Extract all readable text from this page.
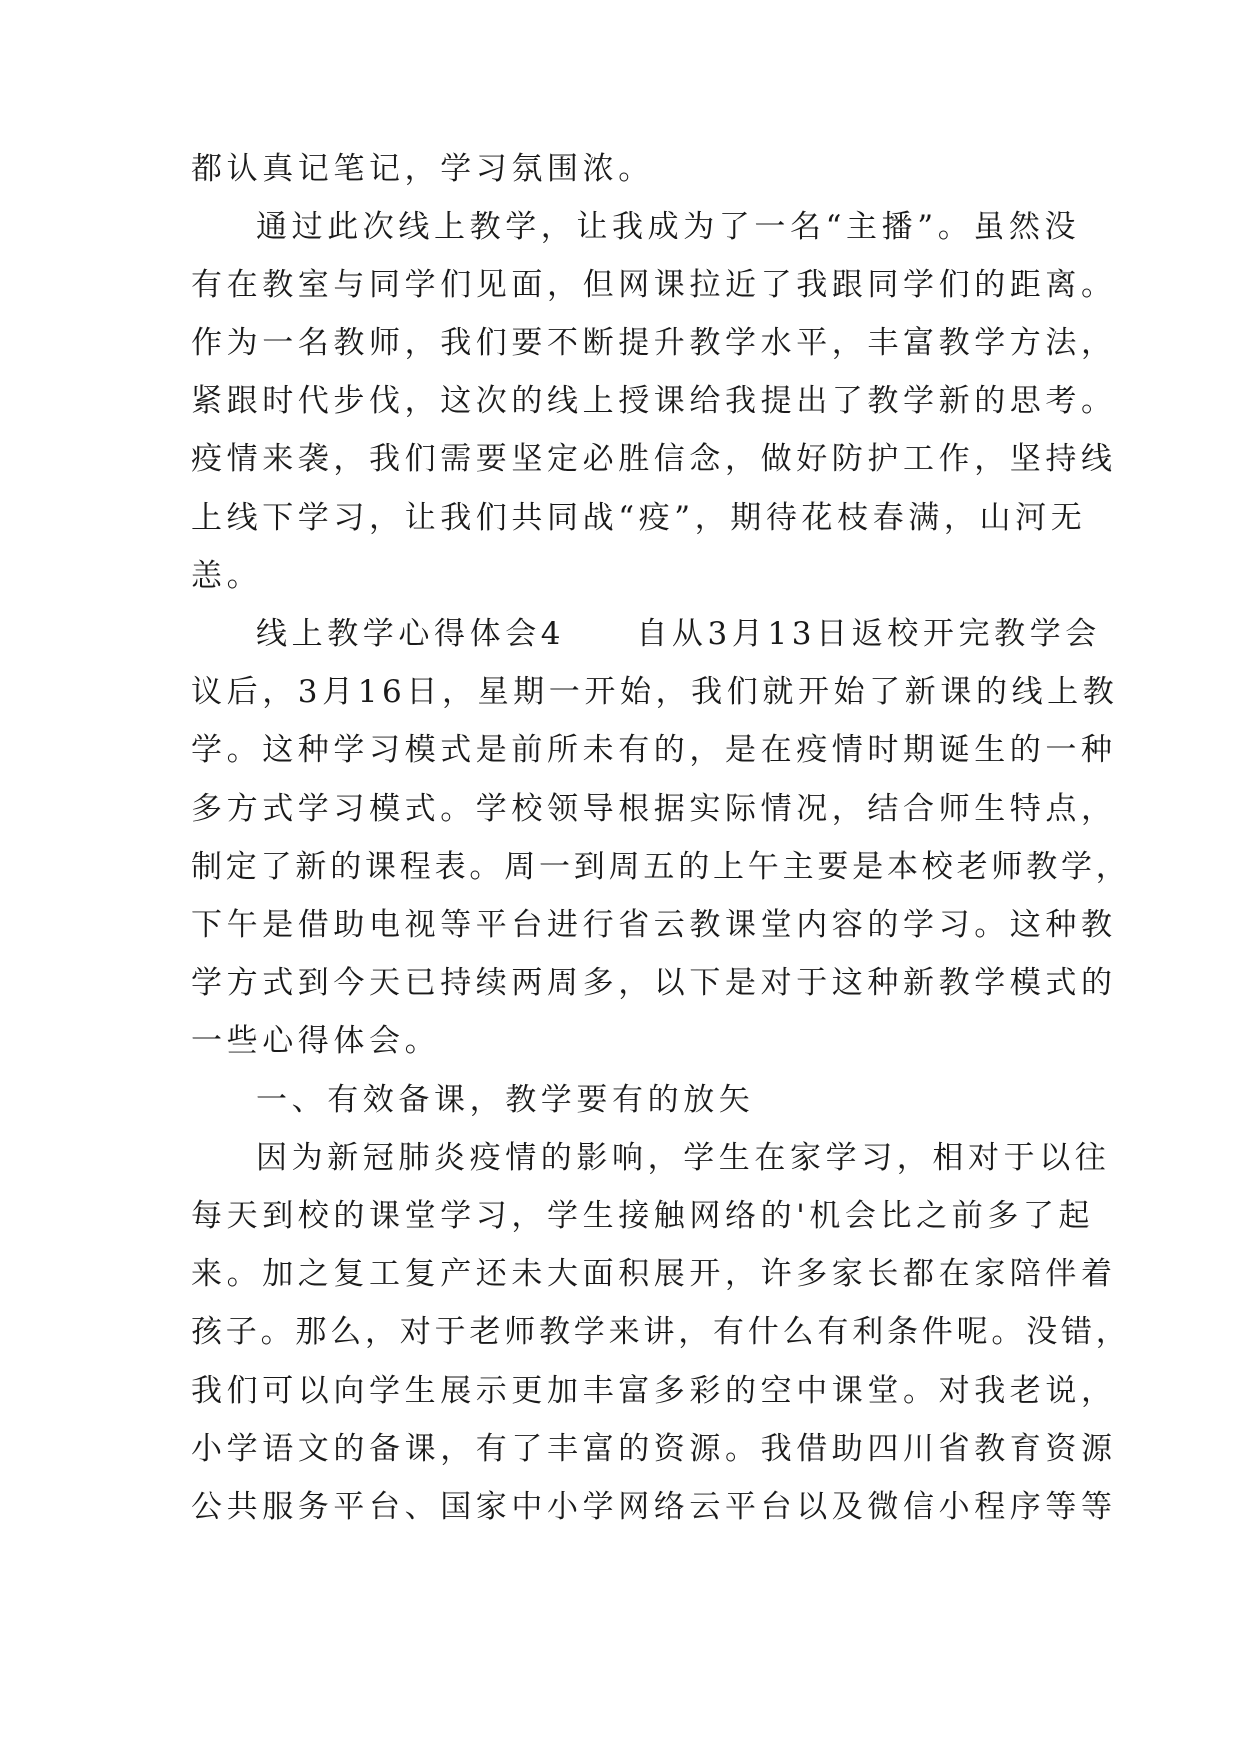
都认真记笔记，学习氛围浓。
通过此次线上教学，让我成为了一名“主播”。虽然没
有在教室与同学们见面，但网课拉近了我跟同学们的距离。
作为一名教师，我们要不断提升教学水平，丰富教学方法，
紧跟时代步伐，这次的线上授课给我提出了教学新的思考。
疫情来袭，我们需要坚定必胜信念，做好防护工作，坚持线
上线下学习，让我们共同战“疫”，期待花枝春满，山河无
恙。
线上教学心得体会4　　自从3月13日返校开完教学会
议后，3月16日，星期一开始，我们就开始了新课的线上教
学。这种学习模式是前所未有的，是在疫情时期诞生的一种
多方式学习模式。学校领导根据实际情况，结合师生特点，
制定了新的课程表。周一到周五的上午主要是本校老师教学，
下午是借助电视等平台进行省云教课堂内容的学习。这种教
学方式到今天已持续两周多，以下是对于这种新教学模式的
一些心得体会。
一、有效备课，教学要有的放矢
因为新冠肺炎疫情的影响，学生在家学习，相对于以往
每天到校的课堂学习，学生接触网络的'机会比之前多了起
来。加之复工复产还未大面积展开，许多家长都在家陪伴着
孩子。那么，对于老师教学来讲，有什么有利条件呢。没错，
我们可以向学生展示更加丰富多彩的空中课堂。对我老说，
小学语文的备课，有了丰富的资源。我借助四川省教育资源
公共服务平台、国家中小学网络云平台以及微信小程序等等
